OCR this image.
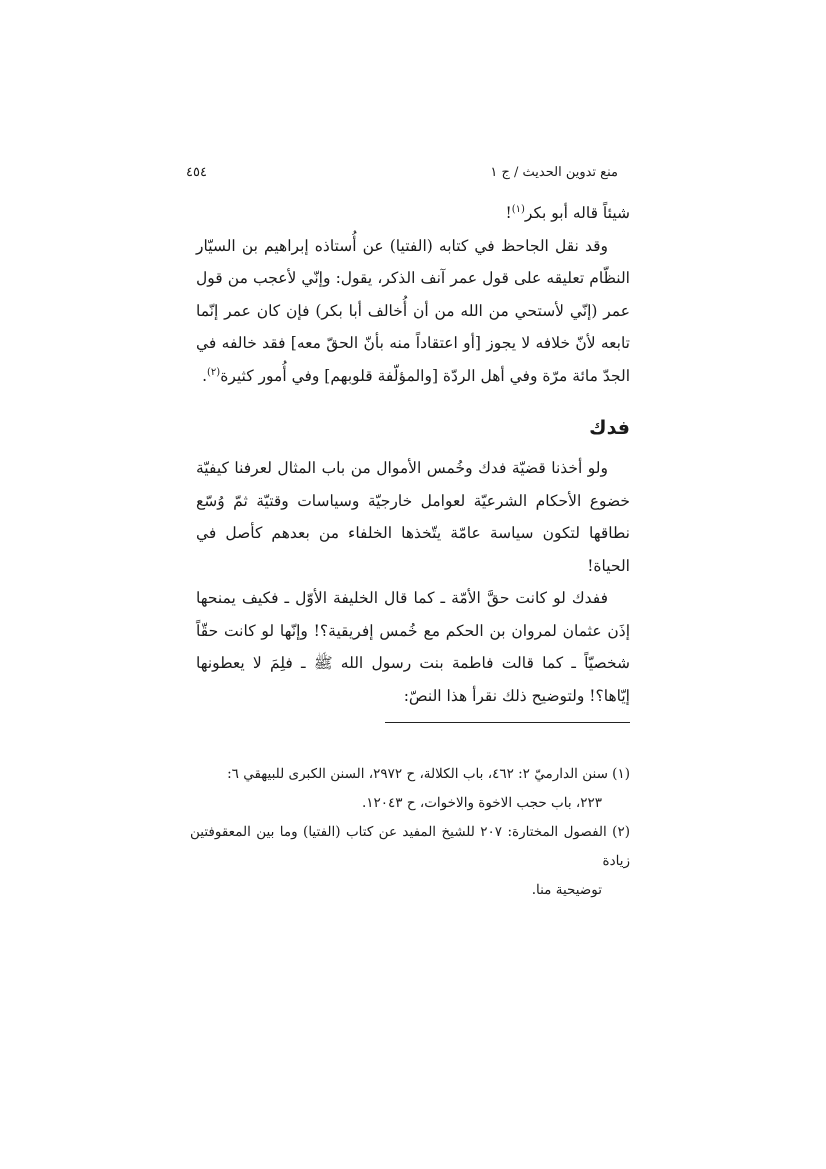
منع تدوين الحديث / ج ١
٤٥٤

شيئاً قاله أبو بكر$^{(١)}$!

وقد نقل الجاحظ في كتابه (الفتيا) عن أُستاذه إبراهيم بن السيّار النظّام تعليقه على قول عمر آنف الذكر، يقول: وإنّي لأعجب من قول عمر (إنّي لأستحي من الله من أن أُخالف أبا بكر) فإن كان عمر إنّما تابعه لأنّ خلافه لا يجوز [أو اعتقاداً منه بأنّ الحقّ معه] فقد خالفه في الجدّ مائة مرّة وفي أهل الردّة [والمؤلّفة قلوبهم] وفي أُمور كثيرة$^{(٢)}$.

فدك

ولو أخذنا قضيّة فدك وخُمس الأموال من باب المثال لعرفنا كيفيّة خضوع الأحكام الشرعيّة لعوامل خارجيّة وسياسات وقتيّة ثمّ وُسّع نطاقها لتكون سياسة عامّة يتّخذها الخلفاء من بعدهم كأصل في الحياة!

ففدك لو كانت حقَّ الأمّة ـ كما قال الخليفة الأوّل ـ فكيف يمنحها إذَن عثمان لمروان بن الحكم مع خُمس إفريقية؟! وإنّها لو كانت حقّاً شخصيّاً ـ كما قالت فاطمة بنت رسول الله ﷺ ـ فلِمَ لا يعطونها إيّاها؟! ولتوضيح ذلك نقرأ هذا النصّ:

(١) سنن الدارميّ ٢: ٤٦٢، باب الكلالة، ح ٢٩٧٢، السنن الكبرى للبيهقي ٦:

٢٢٣، باب حجب الاخوة والاخوات، ح ١٢٠٤٣.

(٢) الفصول المختارة: ٢٠٧ للشيخ المفيد عن كتاب (الفتيا) وما بين المعقوفتين زيادة

توضيحية منا.
